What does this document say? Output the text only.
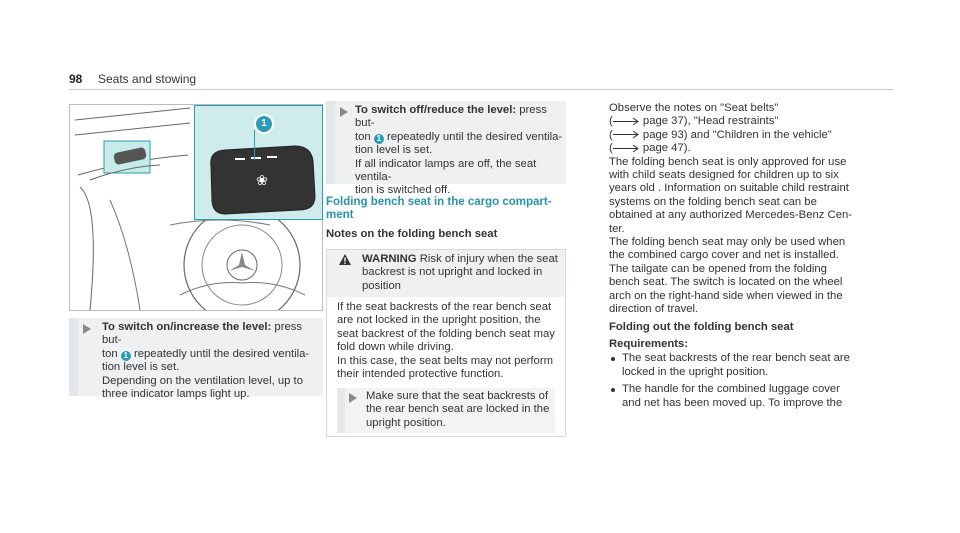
98 Seats and stowing
1
❀
To switch on/increase the level: press but-
ton 1 repeatedly until the desired ventila-
tion level is set.
Depending on the ventilation level, up to
three indicator lamps light up.
To switch off/reduce the level: press but-
ton 1 repeatedly until the desired ventila-
tion level is set.
If all indicator lamps are off, the seat ventila-
tion is switched off.
Folding bench seat in the cargo compart-
ment
Notes on the folding bench seat
WARNING Risk of injury when the seat
backrest is not upright and locked in
position
If the seat backrests of the rear bench seat
are not locked in the upright position, the
seat backrest of the folding bench seat may
fold down while driving.
In this case, the seat belts may not perform
their intended protective function.
Make sure that the seat backrests of
the rear bench seat are locked in the
upright position.
Observe the notes on "Seat belts"
(	page 37), "Head restraints"
(	page 93) and "Children in the vehicle"
(	page 47).
The folding bench seat is only approved for use
with child seats designed for children up to six
years old . Information on suitable child restraint
systems on the folding bench seat can be
obtained at any authorized Mercedes-Benz Cen-
ter.
The folding bench seat may only be used when
the combined cargo cover and net is installed.
The tailgate can be opened from the folding
bench seat. The switch is located on the wheel
arch on the right-hand side when viewed in the
direction of travel.
Folding out the folding bench seat
Requirements:
The seat backrests of the rear bench seat are
locked in the upright position.
The handle for the combined luggage cover
and net has been moved up. To improve the
